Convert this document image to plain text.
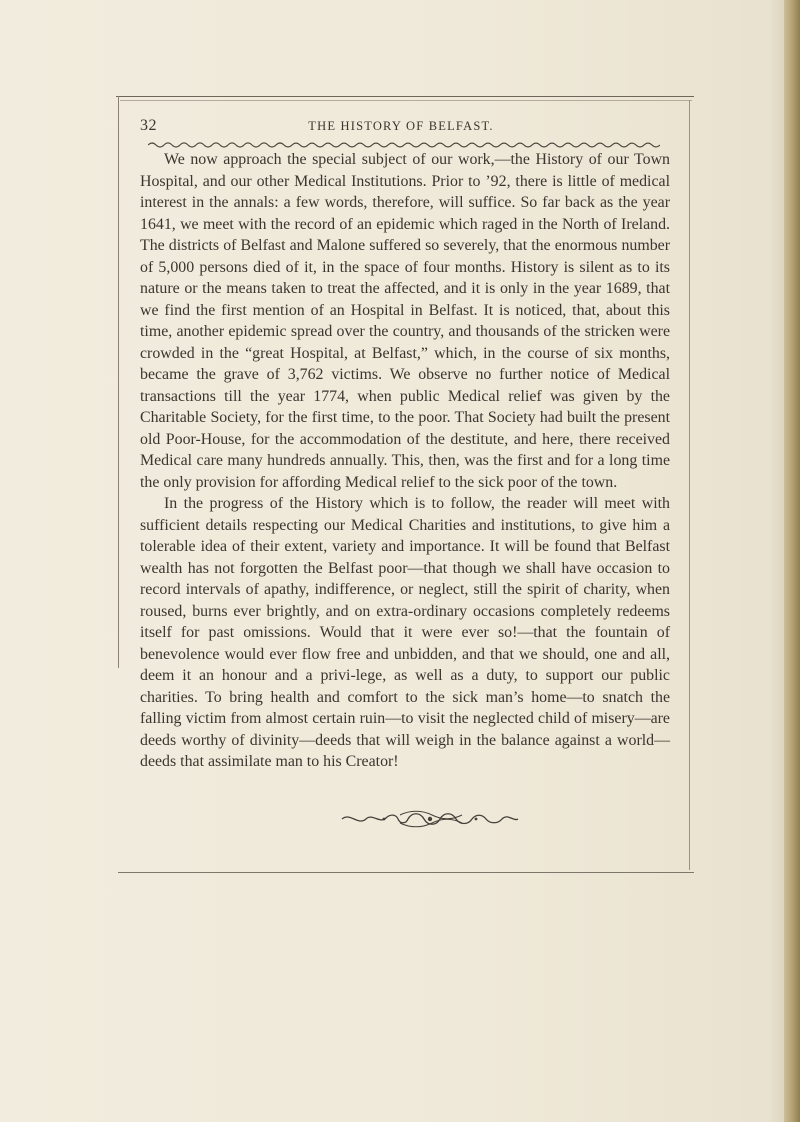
32	THE HISTORY OF BELFAST.

We now approach the special subject of our work,—the History of our Town Hospital, and our other Medical Institutions. Prior to ’92, there is little of medical interest in the annals: a few words, therefore, will suffice. So far back as the year 1641, we meet with the record of an epidemic which raged in the North of Ireland. The districts of Belfast and Malone suffered so severely, that the enormous number of 5,000 persons died of it, in the space of four months. History is silent as to its nature or the means taken to treat the affected, and it is only in the year 1689, that we find the first mention of an Hospital in Belfast. It is noticed, that, about this time, another epidemic spread over the country, and thousands of the stricken were crowded in the “great Hospital, at Belfast,” which, in the course of six months, became the grave of 3,762 victims. We observe no further notice of Medical transactions till the year 1774, when public Medical relief was given by the Charitable Society, for the first time, to the poor. That Society had built the present old Poor-House, for the accommodation of the destitute, and here, there received Medical care many hundreds annually. This, then, was the first and for a long time the only provision for affording Medical relief to the sick poor of the town.

In the progress of the History which is to follow, the reader will meet with sufficient details respecting our Medical Charities and institutions, to give him a tolerable idea of their extent, variety and importance. It will be found that Belfast wealth has not forgotten the Belfast poor—that though we shall have occasion to record intervals of apathy, indifference, or neglect, still the spirit of charity, when roused, burns ever brightly, and on extra-ordinary occasions completely redeems itself for past omissions. Would that it were ever so!—that the fountain of benevolence would ever flow free and unbidden, and that we should, one and all, deem it an honour and a privi-lege, as well as a duty, to support our public charities. To bring health and comfort to the sick man’s home—to snatch the falling victim from almost certain ruin—to visit the neglected child of misery—are deeds worthy of divinity—deeds that will weigh in the balance against a world—deeds that assimilate man to his Creator!
